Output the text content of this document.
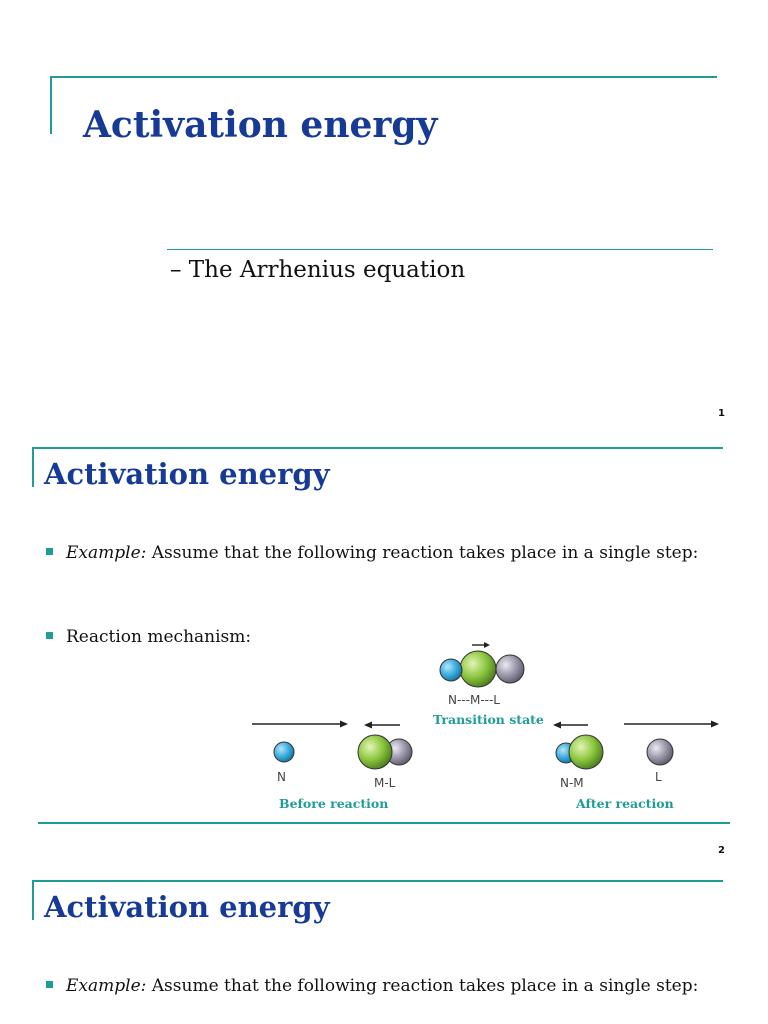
Activation energy
– The Arrhenius equation
1
Activation energy
Example: Assume that the following reaction takes place in a single step:
Reaction mechanism:
N---M---L
Transition state
N	M-L
Before reaction
N-M	L
After reaction
2
Activation energy
Example: Assume that the following reaction takes place in a single step:
